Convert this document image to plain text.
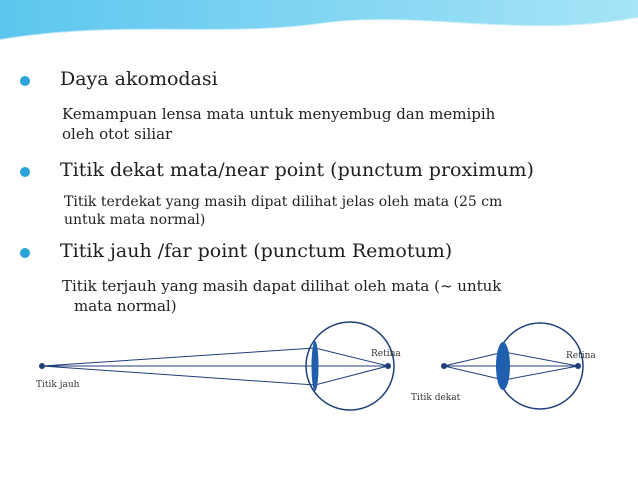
Daya akomodasi
Kemampuan lensa mata untuk menyembug dan memipih
oleh otot siliar
Titik dekat mata/near point (punctum proximum)
Titik terdekat yang masih dipat dilihat jelas oleh mata (25 cm
untuk mata normal)
Titik jauh /far point (punctum Remotum)
Titik terjauh yang masih dapat dilihat oleh mata (~ untuk
mata normal)
Titik jauh
Retina
Titik dekat
Retina
